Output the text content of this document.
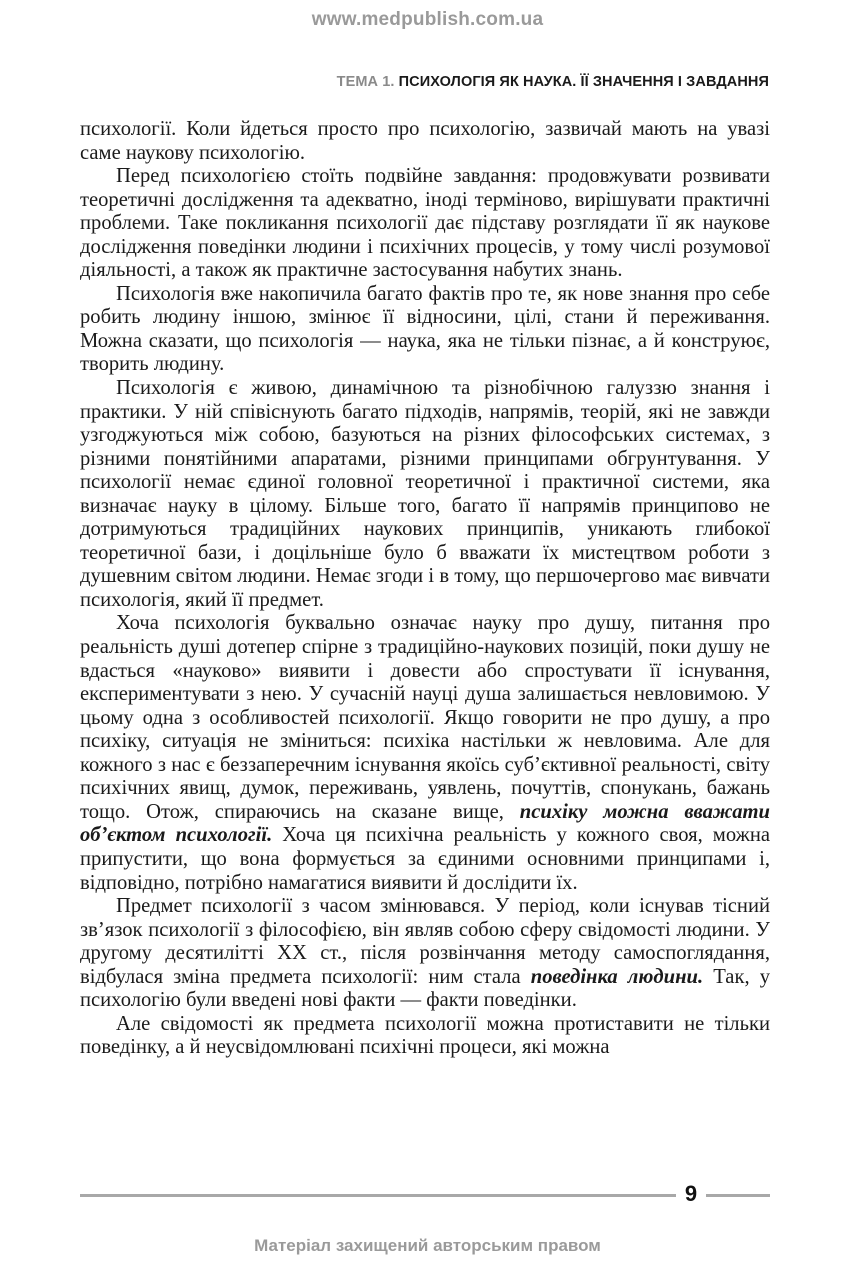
www.medpublish.com.ua
ТЕМА 1. ПСИХОЛОГІЯ ЯК НАУКА. ЇЇ ЗНАЧЕННЯ І ЗАВДАННЯ

психології. Коли йдеться просто про психологію, зазвичай мають на увазі саме наукову психологію.

Перед психологією стоїть подвійне завдання: продовжувати розвивати теоретичні дослідження та адекватно, іноді терміново, вирішувати практичні проблеми. Таке покликання психології дає підставу розглядати її як наукове дослідження поведінки людини і психічних процесів, у тому числі розумової діяльності, а також як практичне застосування набутих знань.

Психологія вже накопичила багато фактів про те, як нове знання про себе робить людину іншою, змінює її відносини, цілі, стани й переживання. Можна сказати, що психологія — наука, яка не тільки пізнає, а й конструює, творить людину.

Психологія є живою, динамічною та різнобічною галуззю знання і практики. У ній співіснують багато підходів, напрямів, теорій, які не завжди узгоджуються між собою, базуються на різних філософських системах, з різними понятійними апаратами, різними принципами обгрунтування. У психології немає єдиної головної теоретичної і практичної системи, яка визначає науку в цілому. Більше того, багато її напрямів принципово не дотримуються традиційних наукових принципів, уникають глибокої теоретичної бази, і доцільніше було б вважати їх мистецтвом роботи з душевним світом людини. Немає згоди і в тому, що першочергово має вивчати психологія, який її предмет.

Хоча психологія буквально означає науку про душу, питання про реальність душі дотепер спірне з традиційно-наукових позицій, поки душу не вдасться «науково» виявити і довести або спростувати її існування, експериментувати з нею. У сучасній науці душа залишається невловимою. У цьому одна з особливостей психології. Якщо говорити не про душу, а про психіку, ситуація не зміниться: психіка настільки ж невловима. Але для кожного з нас є беззаперечним існування якоїсь суб’єктивної реальності, світу психічних явищ, думок, переживань, уявлень, почуттів, спонукань, бажань тощо. Отож, спираючись на сказане вище, психіку можна вважати об’єктом психології. Хоча ця психічна реальність у кожного своя, можна припустити, що вона формується за єдиними основними принципами і, відповідно, потрібно намагатися виявити й дослідити їх.

Предмет психології з часом змінювався. У період, коли існував тісний зв’язок психології з філософією, він являв собою сферу свідомості людини. У другому десятилітті XX ст., після розвінчання методу самоспоглядання, відбулася зміна предмета психології: ним стала поведінка людини. Так, у психологію були введені нові факти — факти поведінки.

Але свідомості як предмета психології можна протиставити не тільки поведінку, а й неусвідомлювані психічні процеси, які можна

9
Матеріал захищений авторським правом
